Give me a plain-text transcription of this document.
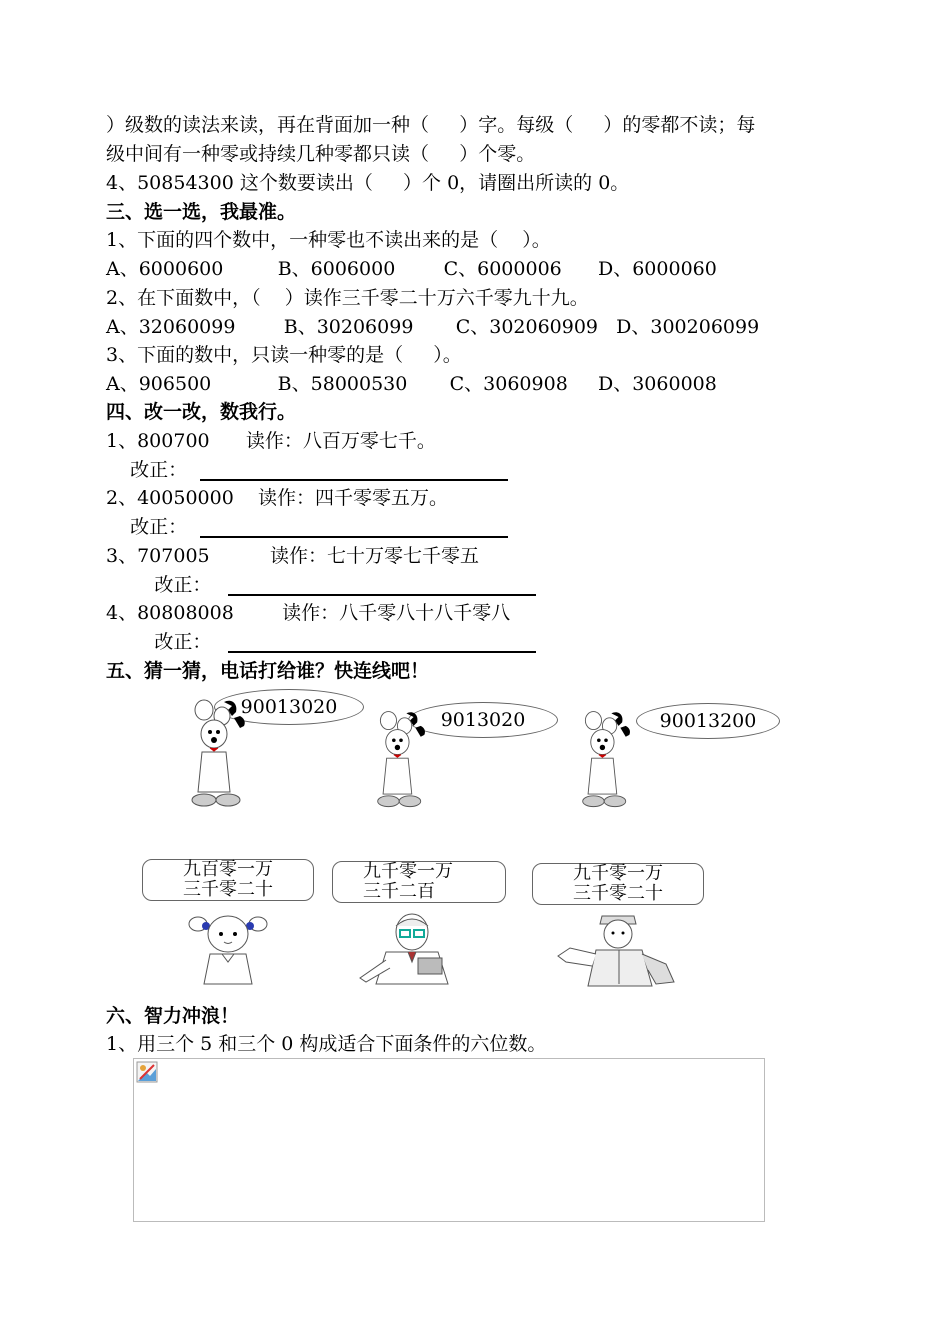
）级数的读法来读，再在背面加一种（     ）字。每级（     ）的零都不读；每
级中间有一种零或持续几种零都只读（     ）个零。
4、50854300 这个数要读出（     ）个 0，请圈出所读的 0。
三、选一选，我最准。
1、下面的四个数中，一种零也不读出来的是（    ）。
A、6000600         B、6006000        C、6000006      D、6000060
2、在下面数中，（    ）读作三千零二十万六千零九十九。
A、32060099        B、30206099       C、302060909   D、300206099
3、下面的数中，只读一种零的是（     ）。
A、906500           B、58000530       C、3060908     D、3060008
四、改一改，数我行。
1、800700      读作：八百万零七千。
改正：
2、40050000    读作：四千零零五万。
改正：
3、707005          读作：七十万零七千零五
改正：
4、80808008        读作：八千零八十八千零八
改正：
五、猜一猜，电话打给谁？快连线吧！
90013020
9013020	90013200
九百零一万
三千零二十
九千零一万
三千二百
九千零一万
三千零二十
六、智力冲浪！
1、用三个 5 和三个 0 构成适合下面条件的六位数。
